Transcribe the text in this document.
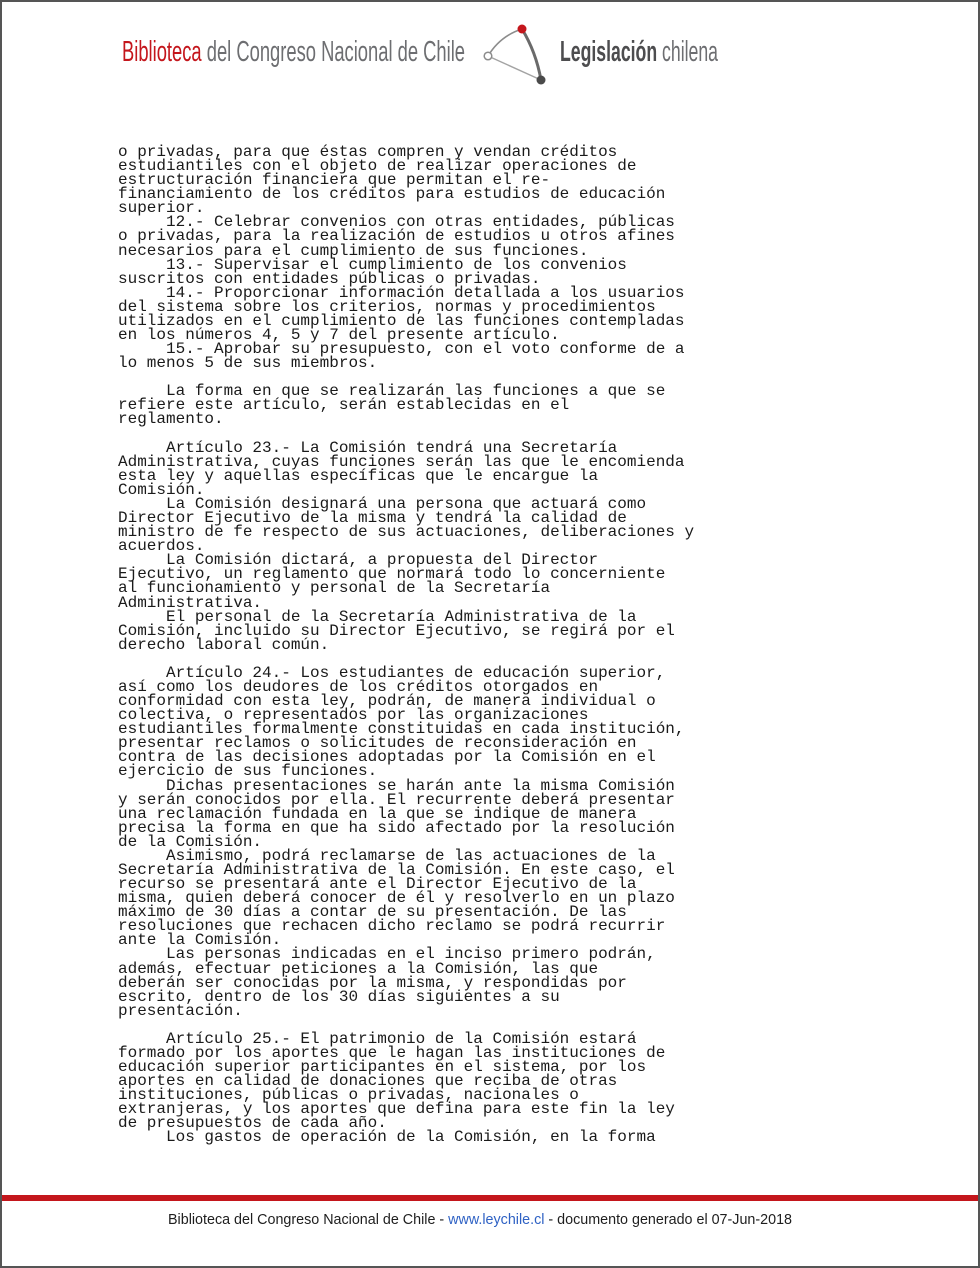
Biblioteca del Congreso Nacional de Chile	Legislación chilena
o privadas, para que éstas compren y vendan créditos
estudiantiles con el objeto de realizar operaciones de
estructuración financiera que permitan el re-
financiamiento de los créditos para estudios de educación
superior.
12.- Celebrar convenios con otras entidades, públicas
o privadas, para la realización de estudios u otros afines
necesarios para el cumplimiento de sus funciones.
13.- Supervisar el cumplimiento de los convenios
suscritos con entidades públicas o privadas.
14.- Proporcionar información detallada a los usuarios
del sistema sobre los criterios, normas y procedimientos
utilizados en el cumplimiento de las funciones contempladas
en los números 4, 5 y 7 del presente artículo.
15.- Aprobar su presupuesto, con el voto conforme de a
lo menos 5 de sus miembros.
La forma en que se realizarán las funciones a que se
refiere este artículo, serán establecidas en el
reglamento.
Artículo 23.- La Comisión tendrá una Secretaría
Administrativa, cuyas funciones serán las que le encomienda
esta ley y aquellas específicas que le encargue la
Comisión.
La Comisión designará una persona que actuará como
Director Ejecutivo de la misma y tendrá la calidad de
ministro de fe respecto de sus actuaciones, deliberaciones y
acuerdos.
La Comisión dictará, a propuesta del Director
Ejecutivo, un reglamento que normará todo lo concerniente
al funcionamiento y personal de la Secretaría
Administrativa.
El personal de la Secretaría Administrativa de la
Comisión, incluido su Director Ejecutivo, se regirá por el
derecho laboral común.
Artículo 24.- Los estudiantes de educación superior,
así como los deudores de los créditos otorgados en
conformidad con esta ley, podrán, de manera individual o
colectiva, o representados por las organizaciones
estudiantiles formalmente constituidas en cada institución,
presentar reclamos o solicitudes de reconsideración en
contra de las decisiones adoptadas por la Comisión en el
ejercicio de sus funciones.
Dichas presentaciones se harán ante la misma Comisión
y serán conocidos por ella. El recurrente deberá presentar
una reclamación fundada en la que se indique de manera
precisa la forma en que ha sido afectado por la resolución
de la Comisión.
Asimismo, podrá reclamarse de las actuaciones de la
Secretaría Administrativa de la Comisión. En este caso, el
recurso se presentará ante el Director Ejecutivo de la
misma, quien deberá conocer de él y resolverlo en un plazo
máximo de 30 días a contar de su presentación. De las
resoluciones que rechacen dicho reclamo se podrá recurrir
ante la Comisión.
Las personas indicadas en el inciso primero podrán,
además, efectuar peticiones a la Comisión, las que
deberán ser conocidas por la misma, y respondidas por
escrito, dentro de los 30 días siguientes a su
presentación.
Artículo 25.- El patrimonio de la Comisión estará
formado por los aportes que le hagan las instituciones de
educación superior participantes en el sistema, por los
aportes en calidad de donaciones que reciba de otras
instituciones, públicas o privadas, nacionales o
extranjeras, y los aportes que defina para este fin la ley
de presupuestos de cada año.
Los gastos de operación de la Comisión, en la forma
Biblioteca del Congreso Nacional de Chile - www.leychile.cl - documento generado el 07-Jun-2018
